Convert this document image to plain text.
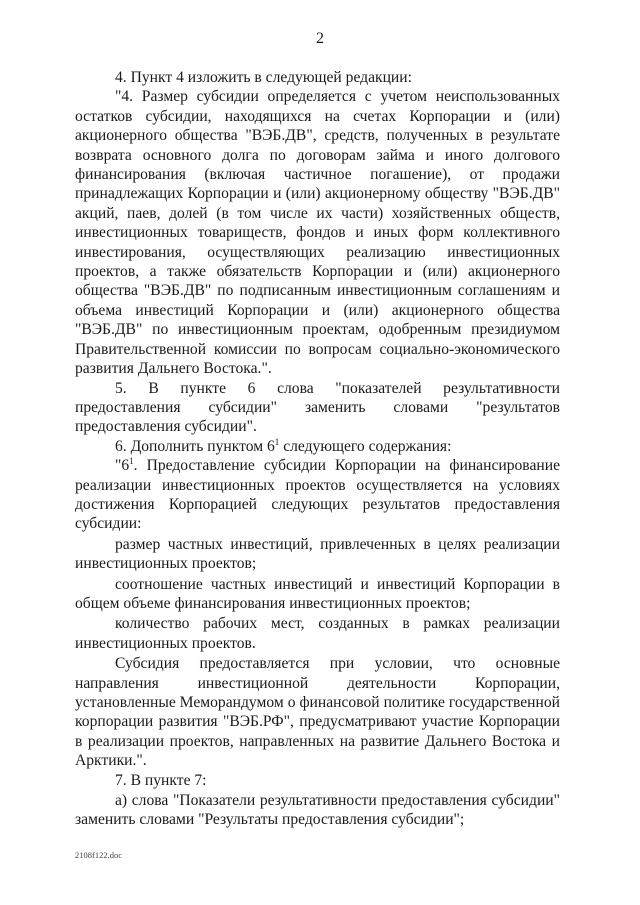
2

4. Пункт 4 изложить в следующей редакции:

"4. Размер субсидии определяется с учетом неиспользованных остатков субсидии, находящихся на счетах Корпорации и (или) акционерного общества "ВЭБ.ДВ", средств, полученных в результате возврата основного долга по договорам займа и иного долгового финансирования (включая частичное погашение), от продажи принадлежащих Корпорации и (или) акционерному обществу "ВЭБ.ДВ" акций, паев, долей (в том числе их части) хозяйственных обществ, инвестиционных товариществ, фондов и иных форм коллективного инвестирования, осуществляющих реализацию инвестиционных проектов, а также обязательств Корпорации и (или) акционерного общества "ВЭБ.ДВ" по подписанным инвестиционным соглашениям и объема инвестиций Корпорации и (или) акционерного общества "ВЭБ.ДВ" по инвестиционным проектам, одобренным президиумом Правительственной комиссии по вопросам социально-экономического развития Дальнего Востока.".

5. В пункте 6 слова "показателей результативности предоставления субсидии" заменить словами "результатов предоставления субсидии".

6. Дополнить пунктом $6^1$ следующего содержания:

"$6^1$. Предоставление субсидии Корпорации на финансирование реализации инвестиционных проектов осуществляется на условиях достижения Корпорацией следующих результатов предоставления субсидии:

размер частных инвестиций, привлеченных в целях реализации инвестиционных проектов;

соотношение частных инвестиций и инвестиций Корпорации в общем объеме финансирования инвестиционных проектов;

количество рабочих мест, созданных в рамках реализации инвестиционных проектов.

Субсидия предоставляется при условии, что основные направления инвестиционной деятельности Корпорации, установленные Меморандумом о финансовой политике государственной корпорации развития "ВЭБ.РФ", предусматривают участие Корпорации в реализации проектов, направленных на развитие Дальнего Востока и Арктики.".

7. В пункте 7:

а) слова "Показатели результативности предоставления субсидии" заменить словами "Результаты предоставления субсидии";

2108f122.doc
